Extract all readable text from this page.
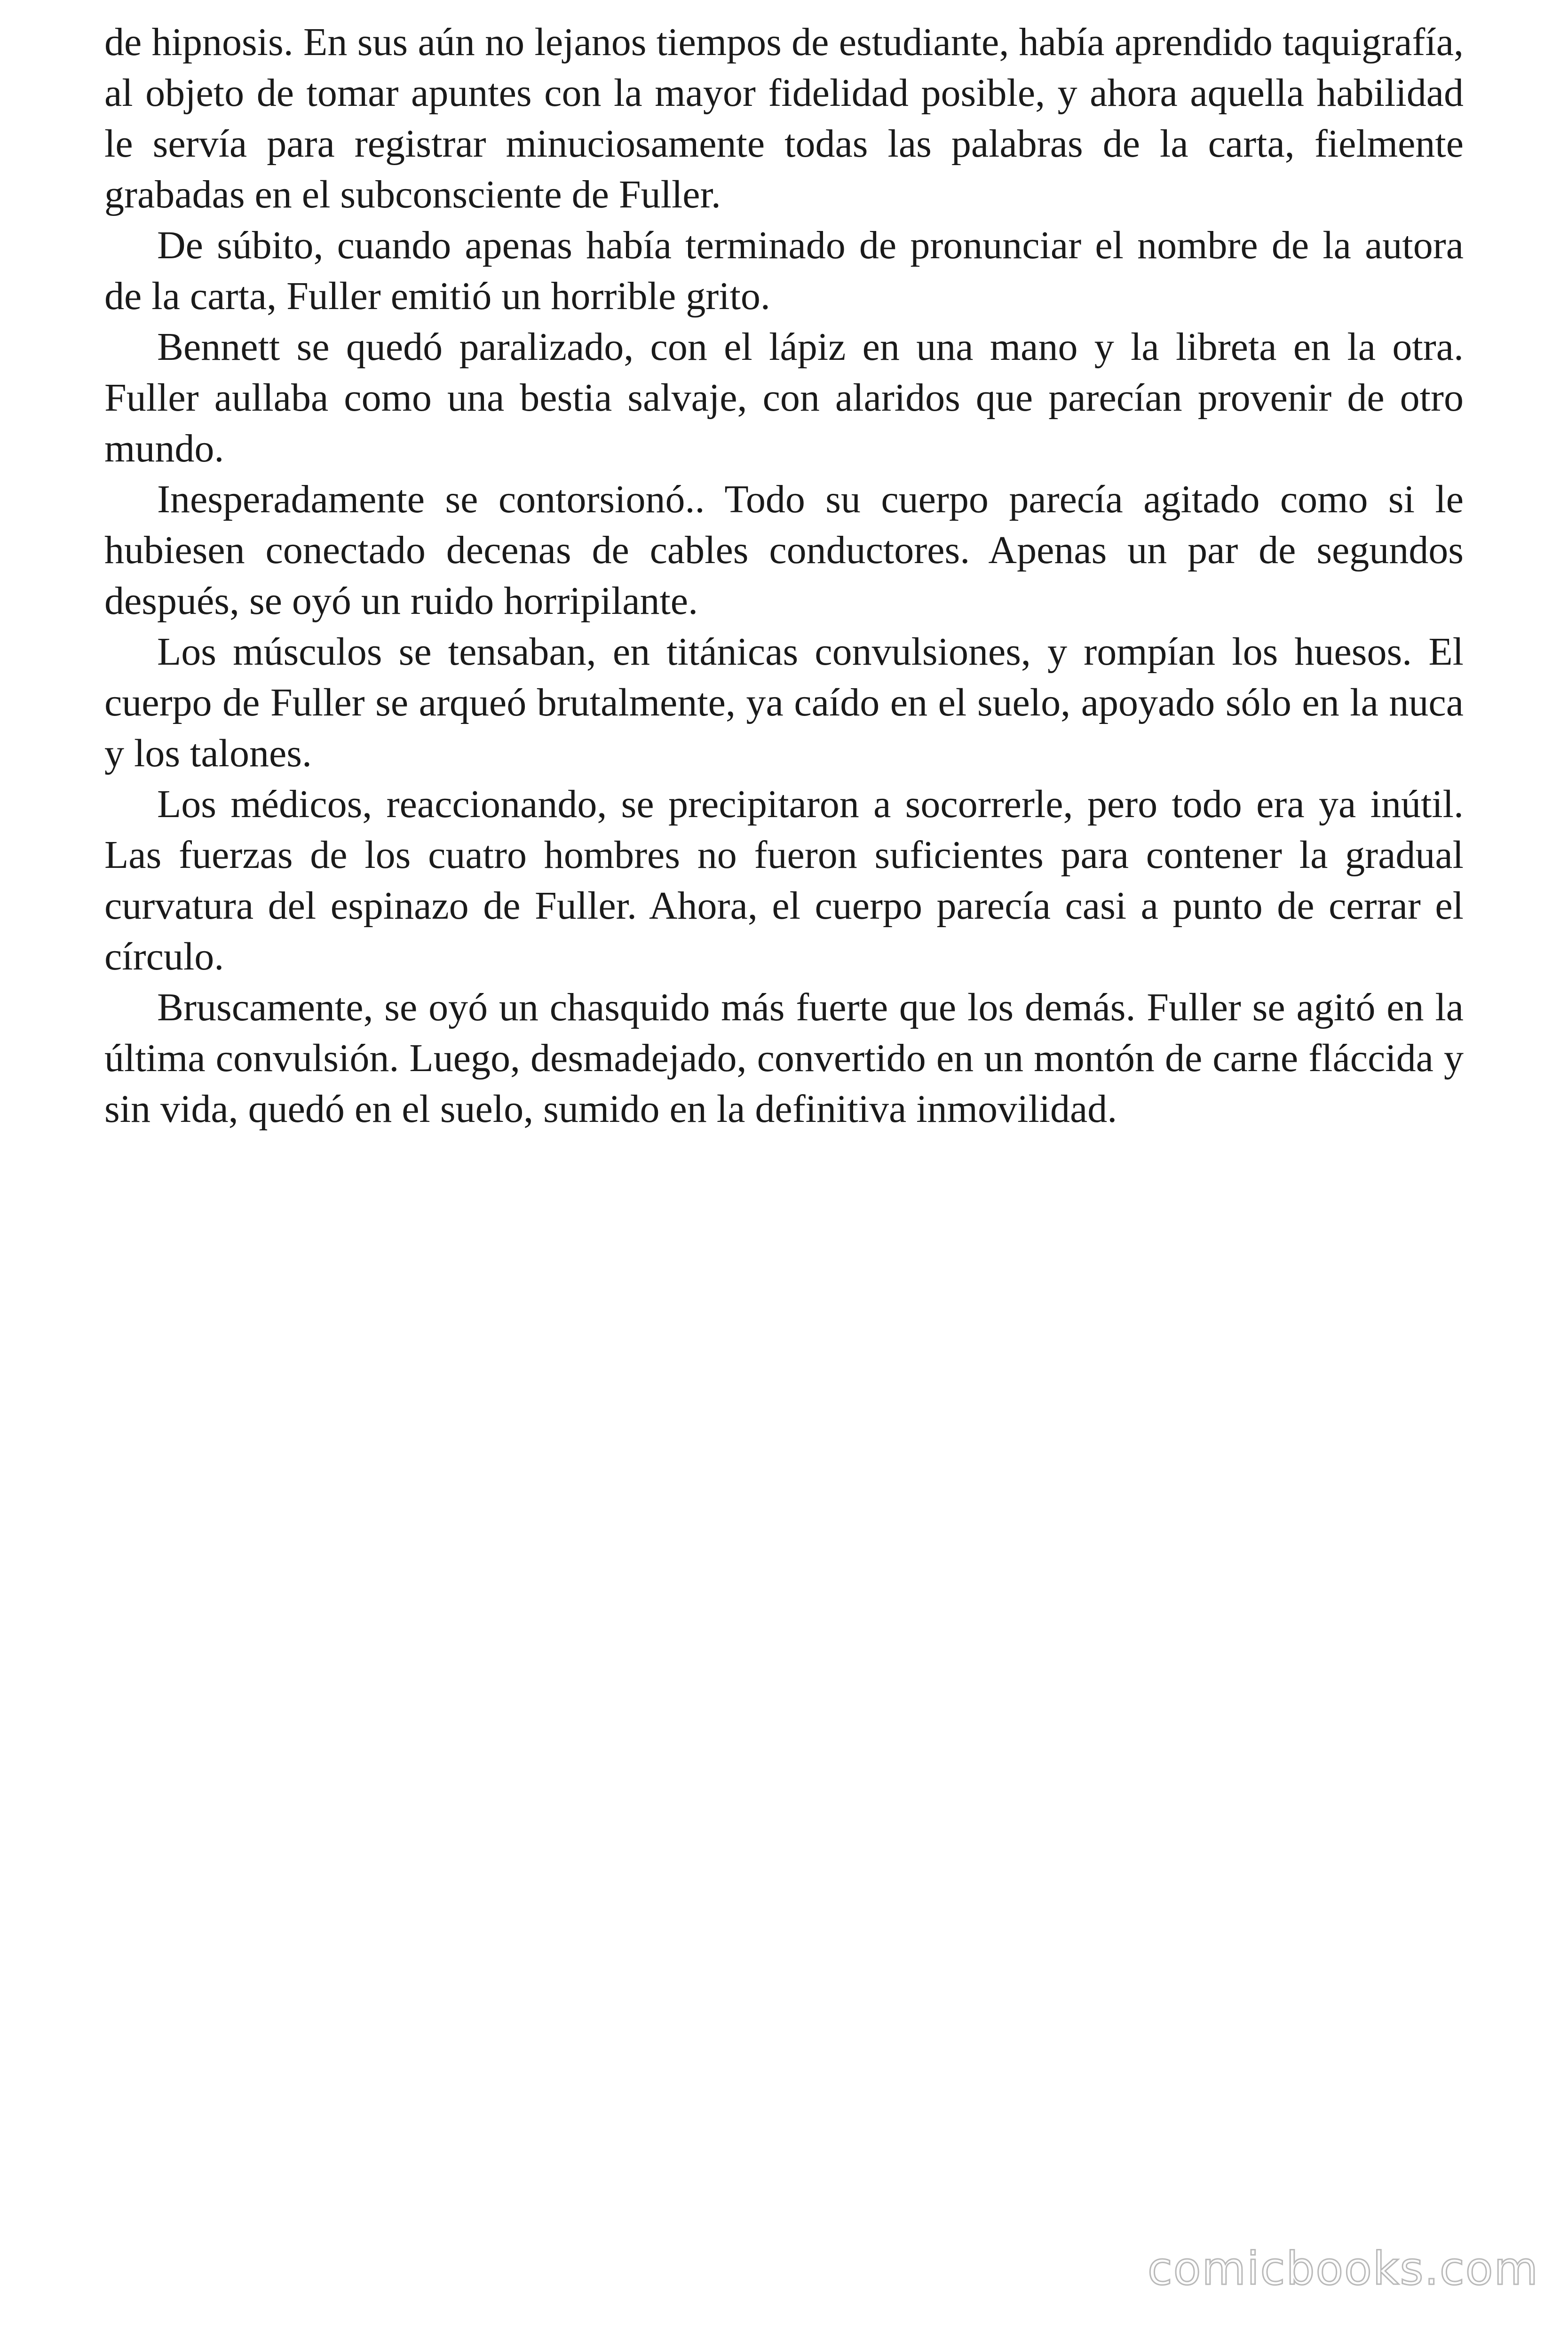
de hipnosis. En sus aún no lejanos tiempos de estudiante, había aprendido taquigrafía, al objeto de tomar apuntes con la mayor fidelidad posible, y ahora aquella habilidad le servía para registrar minuciosamente todas las palabras de la carta, fielmente grabadas en el subconsciente de Fuller.

De súbito, cuando apenas había terminado de pronunciar el nombre de la autora de la carta, Fuller emitió un horrible grito.

Bennett se quedó paralizado, con el lápiz en una mano y la libreta en la otra. Fuller aullaba como una bestia salvaje, con alaridos que parecían provenir de otro mundo.

Inesperadamente se contorsionó.. Todo su cuerpo parecía agitado como si le hubiesen conectado decenas de cables conductores. Apenas un par de segundos después, se oyó un ruido horripilante.

Los músculos se tensaban, en titánicas convulsiones, y rompían los huesos. El cuerpo de Fuller se arqueó brutalmente, ya caído en el suelo, apoyado sólo en la nuca y los talones.

Los médicos, reaccionando, se precipitaron a socorrerle, pero todo era ya inútil. Las fuerzas de los cuatro hombres no fueron suficientes para contener la gradual curvatura del espinazo de Fuller. Ahora, el cuerpo parecía casi a punto de cerrar el círculo.

Bruscamente, se oyó un chasquido más fuerte que los demás. Fuller se agitó en la última convulsión. Luego, desmadejado, convertido en un montón de carne fláccida y sin vida, quedó en el suelo, sumido en la definitiva inmovilidad.

comicbooks.com
